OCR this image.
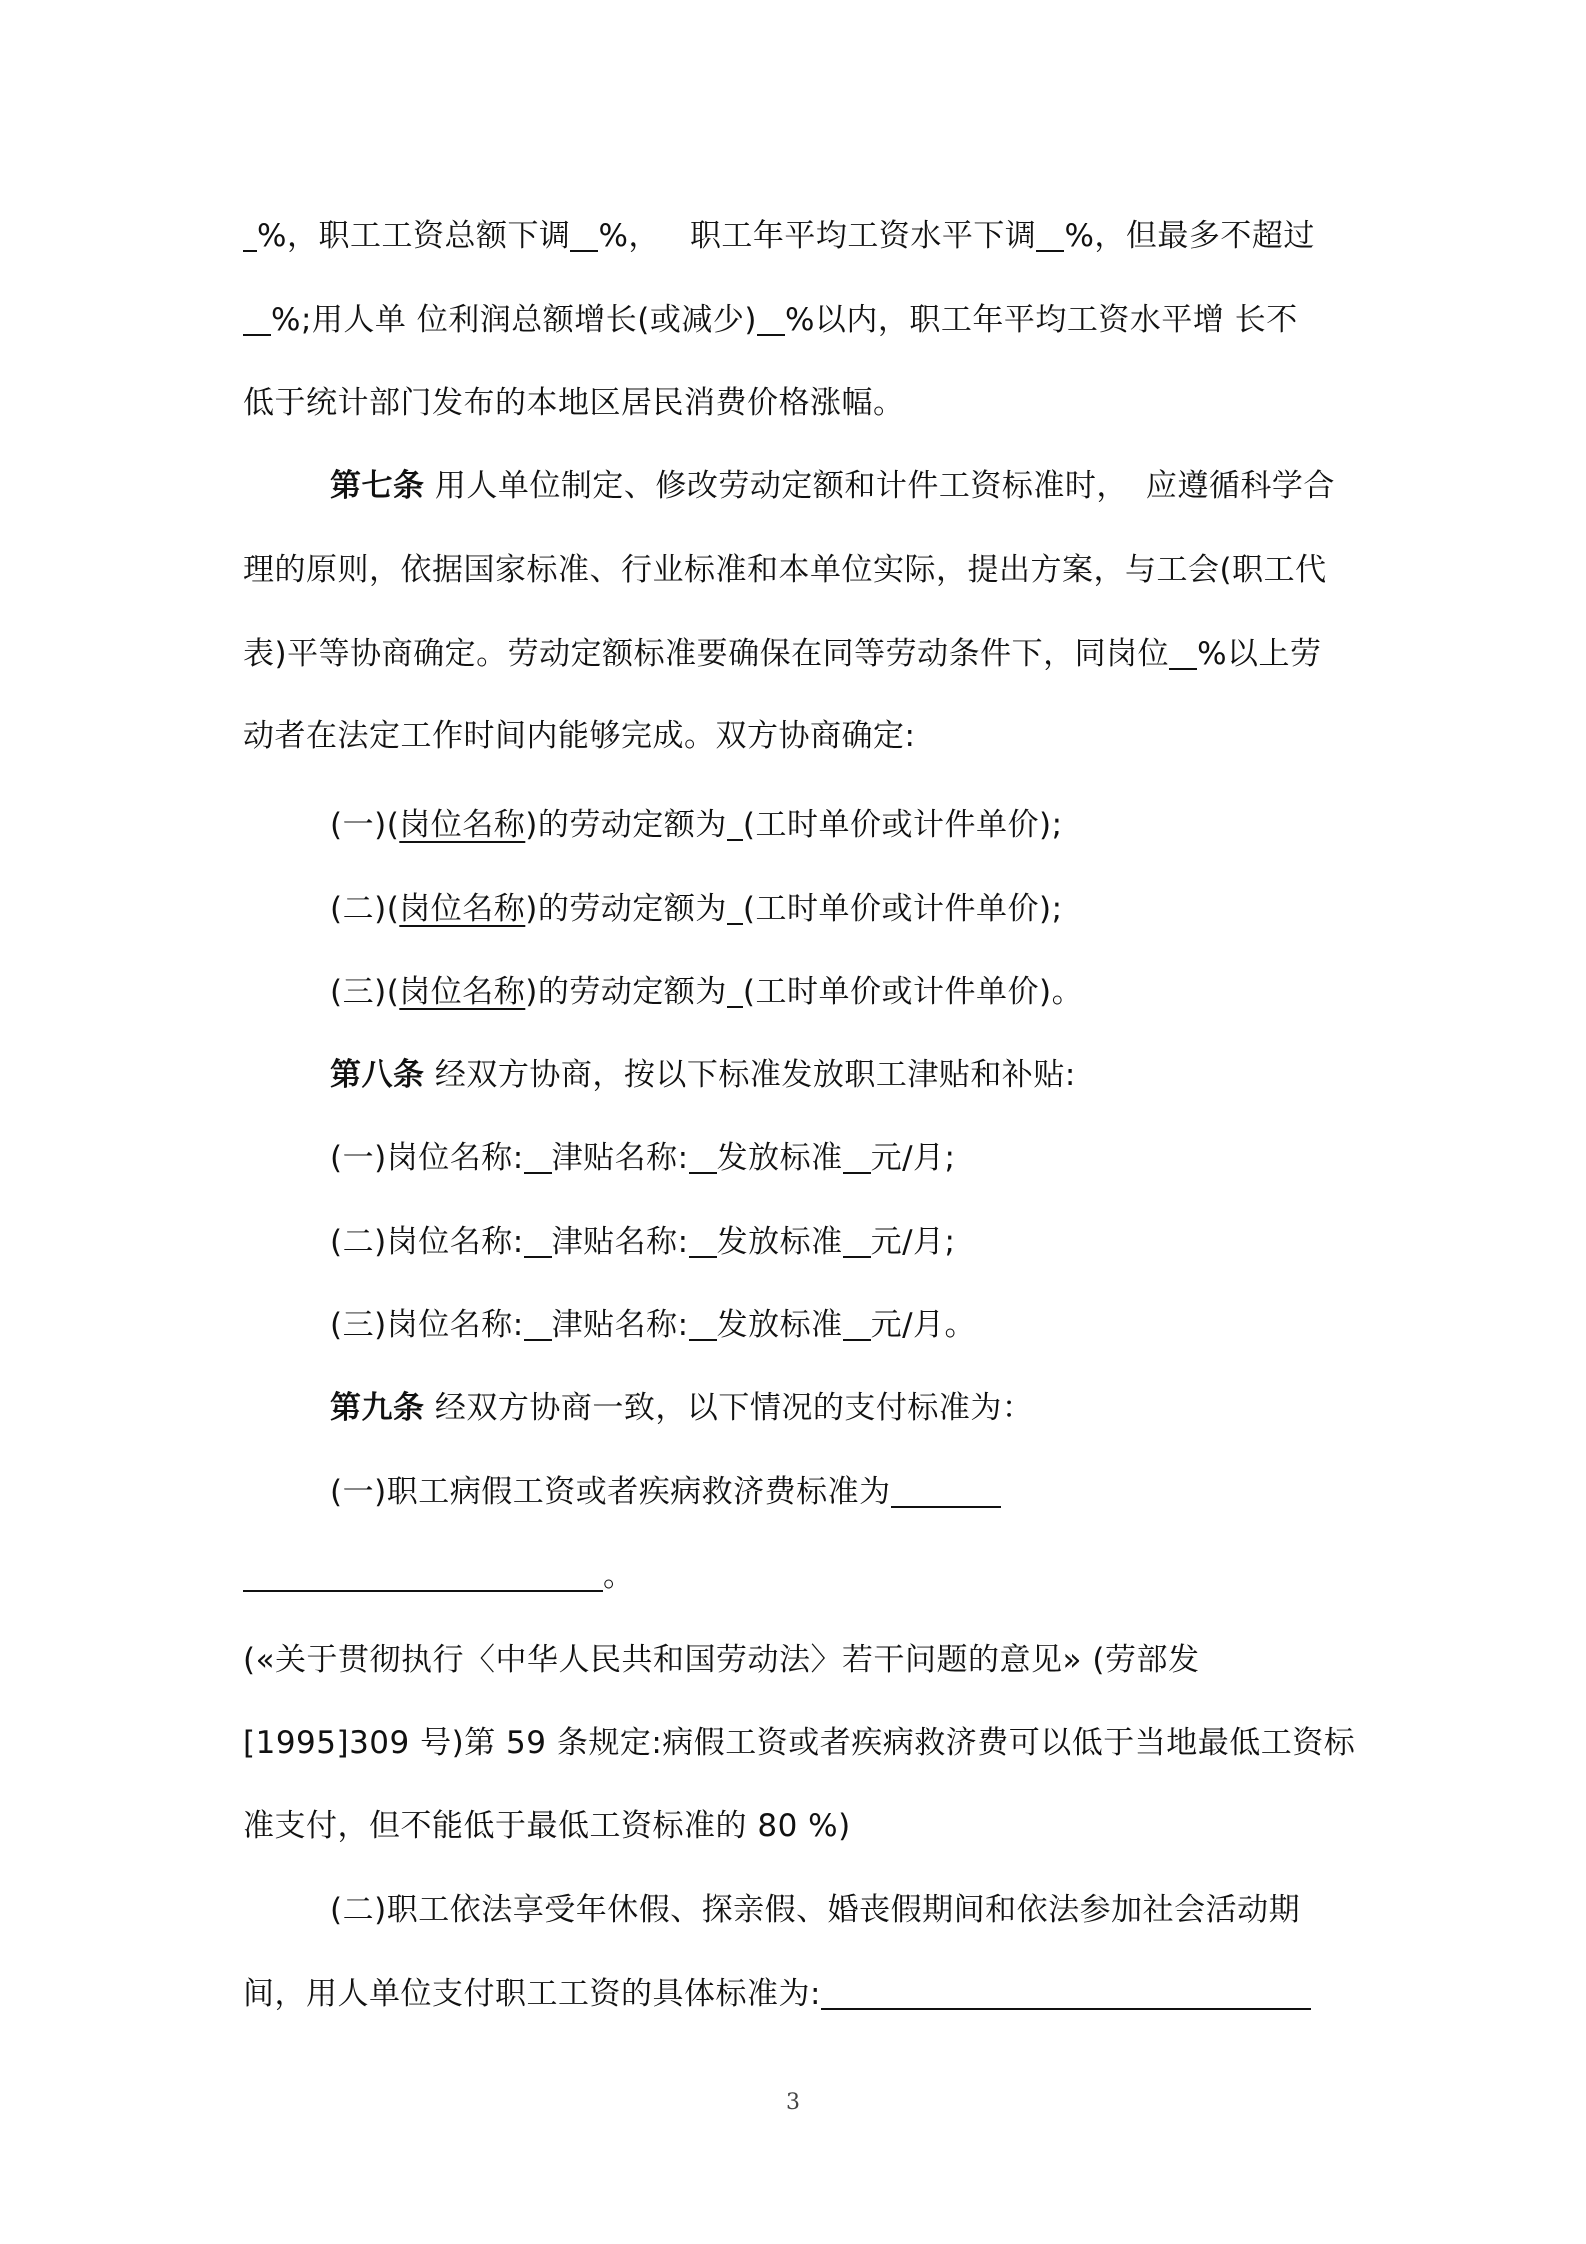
%，职工工资总额下调 %， 职工年平均工资水平下调 %，但最多不超过
%;用人单 位利润总额增长(或减少) %以内，职工年平均工资水平增 长不
低于统计部门发布的本地区居民消费价格涨幅。
第七条 用人单位制定、修改劳动定额和计件工资标准时， 应遵循科学合
理的原则，依据国家标准、行业标准和本单位实际，提出方案，与工会(职工代
表)平等协商确定。劳动定额标准要确保在同等劳动条件下，同岗位 %以上劳
动者在法定工作时间内能够完成。双方协商确定:
(一)(岗位名称)的劳动定额为 (工时单价或计件单价);
(二)(岗位名称)的劳动定额为 (工时单价或计件单价);
(三)(岗位名称)的劳动定额为 (工时单价或计件单价)。
第八条 经双方协商，按以下标准发放职工津贴和补贴:
(一)岗位名称: 津贴名称: 发放标准 元/月;
(二)岗位名称: 津贴名称: 发放标准 元/月;
(三)岗位名称: 津贴名称: 发放标准 元/月。
第九条 经双方协商一致，以下情况的支付标准为：
(一)职工病假工资或者疾病救济费标准为
。
(«关于贯彻执行〈中华人民共和国劳动法〉若干问题的意见» (劳部发
[1995]309 号)第 59 条规定:病假工资或者疾病救济费可以低于当地最低工资标
准支付，但不能低于最低工资标准的 80 %)
(二)职工依法享受年休假、探亲假、婚丧假期间和依法参加社会活动期
间，用人单位支付职工工资的具体标准为:
3
